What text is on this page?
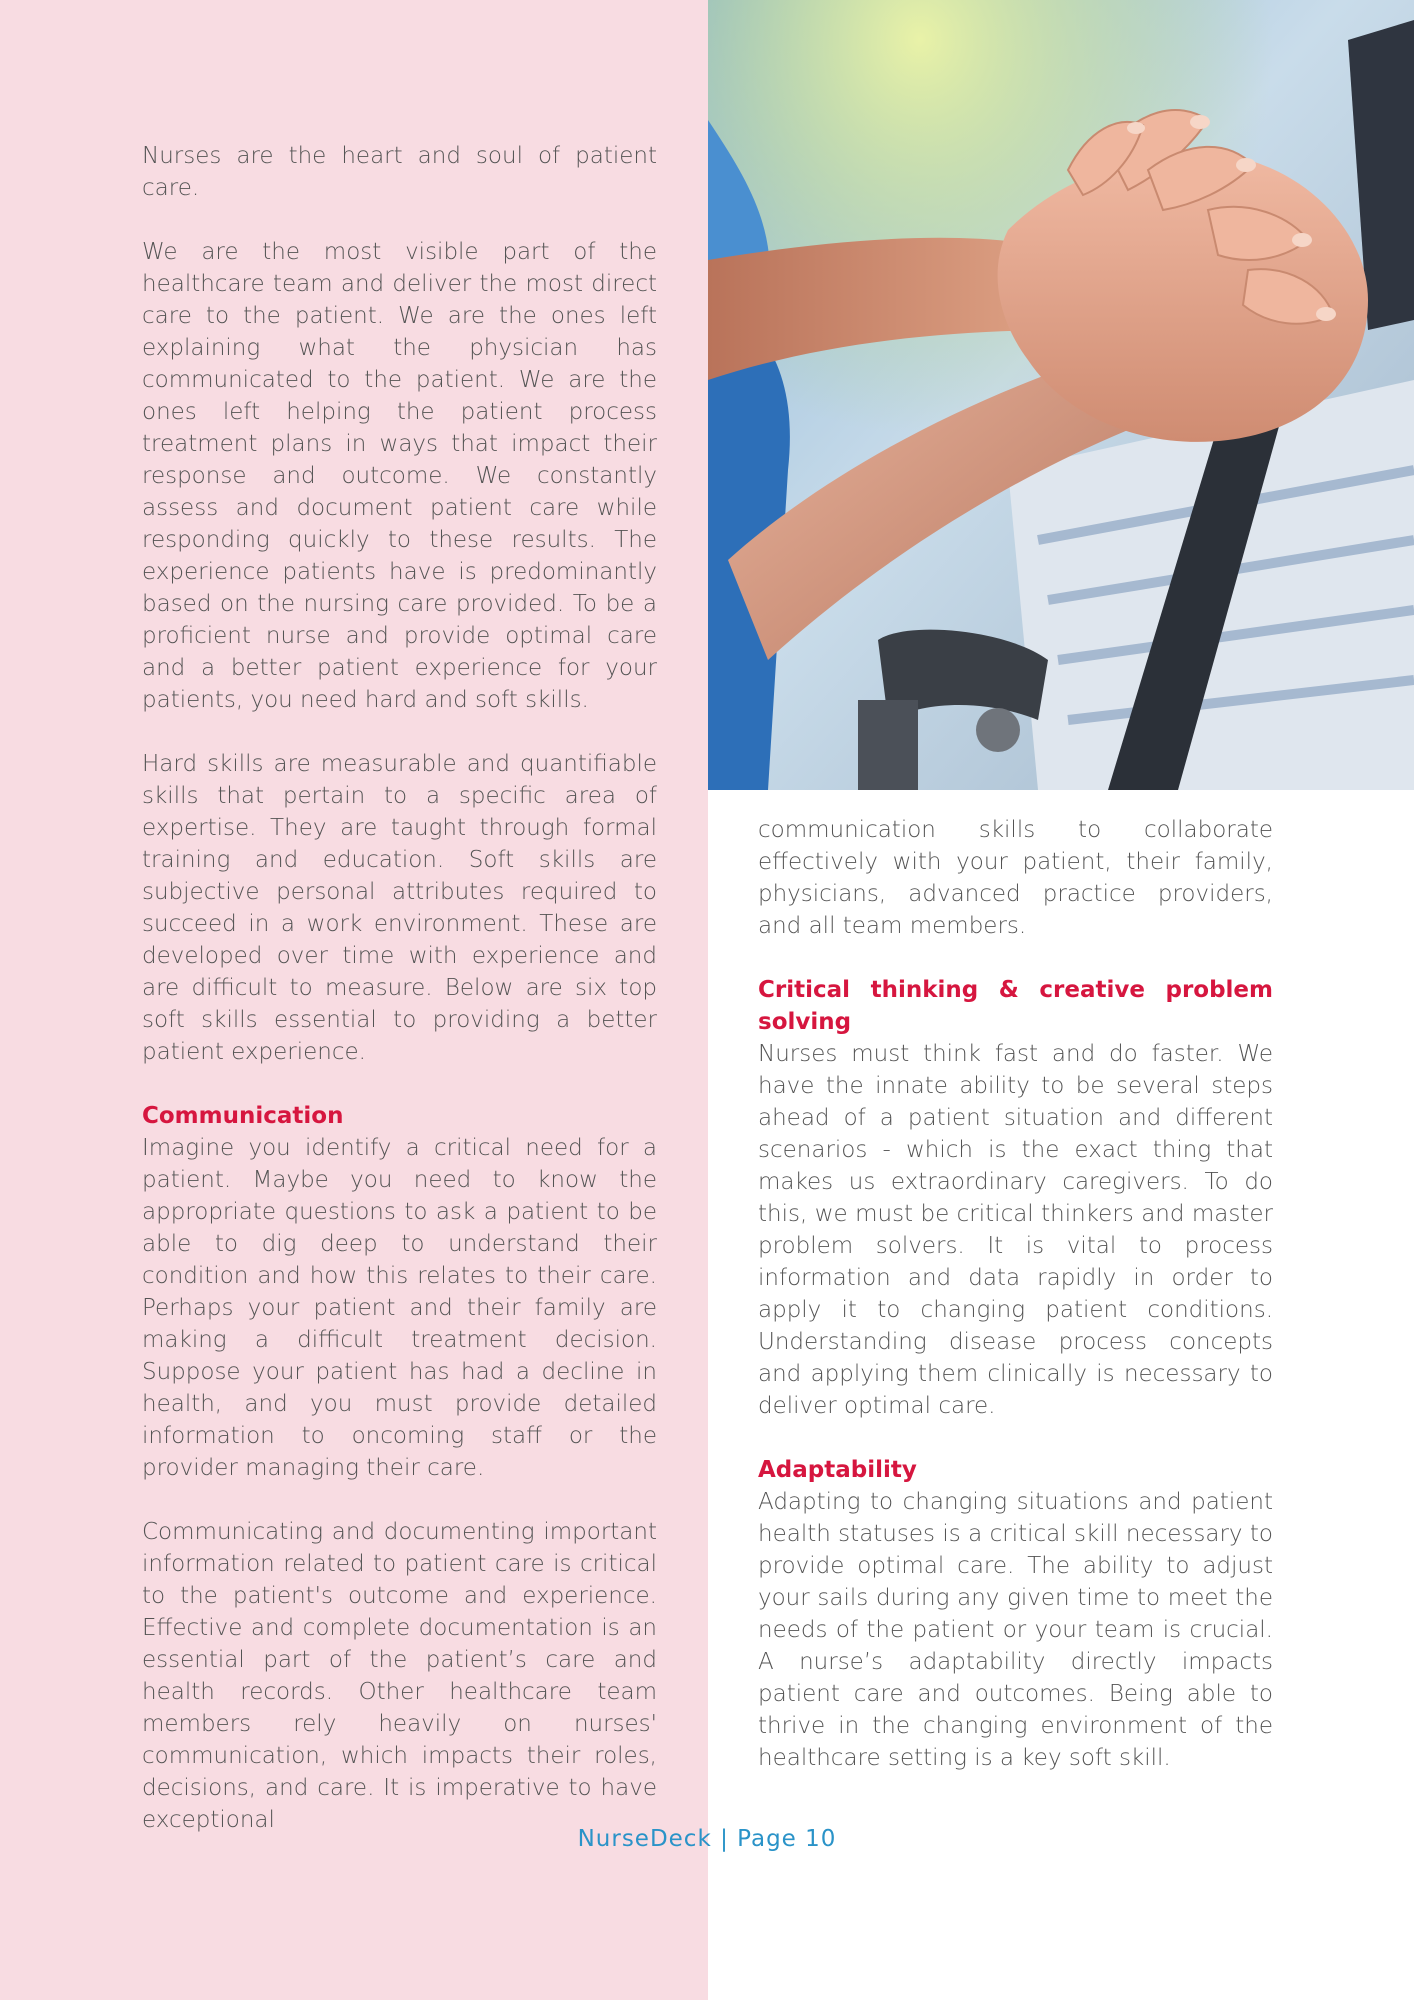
Nurses are the heart and soul of patient care.

We are the most visible part of the healthcare team and deliver the most direct care to the patient. We are the ones left explaining what the physician has communicated to the patient. We are the ones left helping the patient process treatment plans in ways that impact their response and outcome. We constantly assess and document patient care while responding quickly to these results. The experience patients have is predominantly based on the nursing care provided. To be a proficient nurse and provide optimal care and a better patient experience for your patients, you need hard and soft skills.

Hard skills are measurable and quantifiable skills that pertain to a specific area of expertise. They are taught through formal training and education. Soft skills are subjective personal attributes required to succeed in a work environment. These are developed over time with experience and are difficult to measure. Below are six top soft skills essential to providing a better patient experience.

Communication

Imagine you identify a critical need for a patient. Maybe you need to know the appropriate questions to ask a patient to be able to dig deep to understand their condition and how this relates to their care. Perhaps your patient and their family are making a difficult treatment decision. Suppose your patient has had a decline in health, and you must provide detailed information to oncoming staff or the provider managing their care.

Communicating and documenting important information related to patient care is critical to the patient's outcome and experience. Effective and complete documentation is an essential part of the patient’s care and health records. Other healthcare team members rely heavily on nurses' communication, which impacts their roles, decisions, and care. It is imperative to have exceptional

communication skills to collaborate effectively with your patient, their family, physicians, advanced practice providers, and all team members.

Critical thinking & creative problem solving

Nurses must think fast and do faster. We have the innate ability to be several steps ahead of a patient situation and different scenarios - which is the exact thing that makes us extraordinary caregivers. To do this, we must be critical thinkers and master problem solvers. It is vital to process information and data rapidly in order to apply it to changing patient conditions. Understanding disease process concepts and applying them clinically is necessary to deliver optimal care.

Adaptability

Adapting to changing situations and patient health statuses is a critical skill necessary to provide optimal care. The ability to adjust your sails during any given time to meet the needs of the patient or your team is crucial. A nurse’s adaptability directly impacts patient care and outcomes. Being able to thrive in the changing environment of the healthcare setting is a key soft skill.

NurseDeck | Page 10
